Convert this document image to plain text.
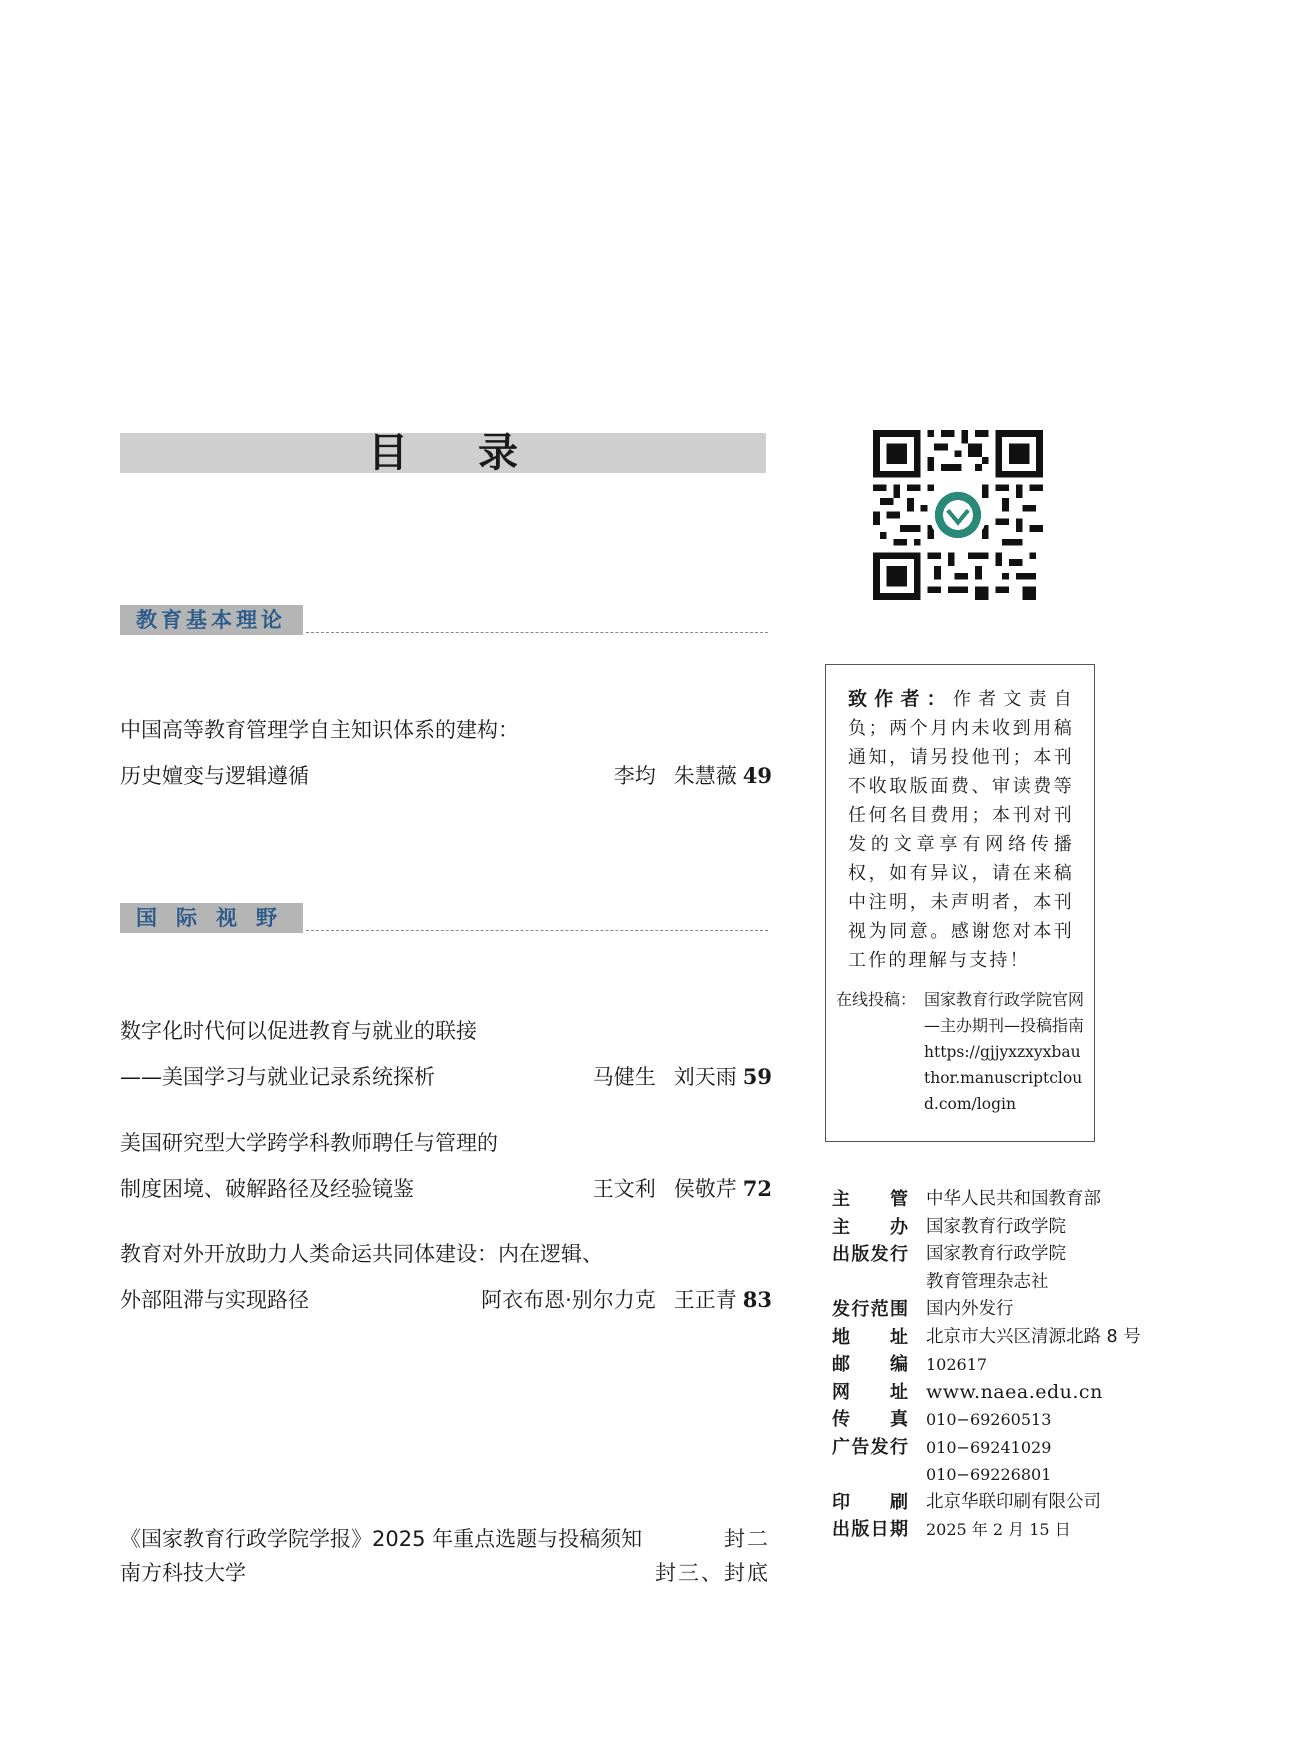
目录
教育基本理论
中国高等教育管理学自主知识体系的建构：
历史嬗变与逻辑遵循	李均 朱慧薇 49
国际视野
数字化时代何以促进教育与就业的联接
——美国学习与就业记录系统探析	马健生 刘天雨 59
美国研究型大学跨学科教师聘任与管理的
制度困境、破解路径及经验镜鉴	王文利 侯敬芹 72
教育对外开放助力人类命运共同体建设：内在逻辑、
外部阻滞与实现路径	阿衣布恩·别尔力克 王正青 83
《国家教育行政学院学报》2025 年重点选题与投稿须知	封二
南方科技大学	封三、封底
致作者：作者文责自负；两个月内未收到用稿通知，请另投他刊；本刊不收取版面费、审读费等任何名目费用；本刊对刊发的文章享有网络传播权，如有异议，请在来稿中注明，未声明者，本刊视为同意。感谢您对本刊工作的理解与支持！
在线投稿： 国家教育行政学院官网—主办期刊—投稿指南
https://gjjyxzxyxbauthor.manuscriptcloud.com/login
主 管 中华人民共和国教育部
主 办 国家教育行政学院
出 版 发 行 国家教育行政学院
教育管理杂志社
发 行 范 围 国内外发行
地 址 北京市大兴区清源北路 8 号
邮 编 102617
网 址 www.naea.edu.cn
传 真 010−69260513
广 告 发 行 010−69241029
010−69226801
印 刷 北京华联印刷有限公司
出 版 日 期 2025 年 2 月 15 日
